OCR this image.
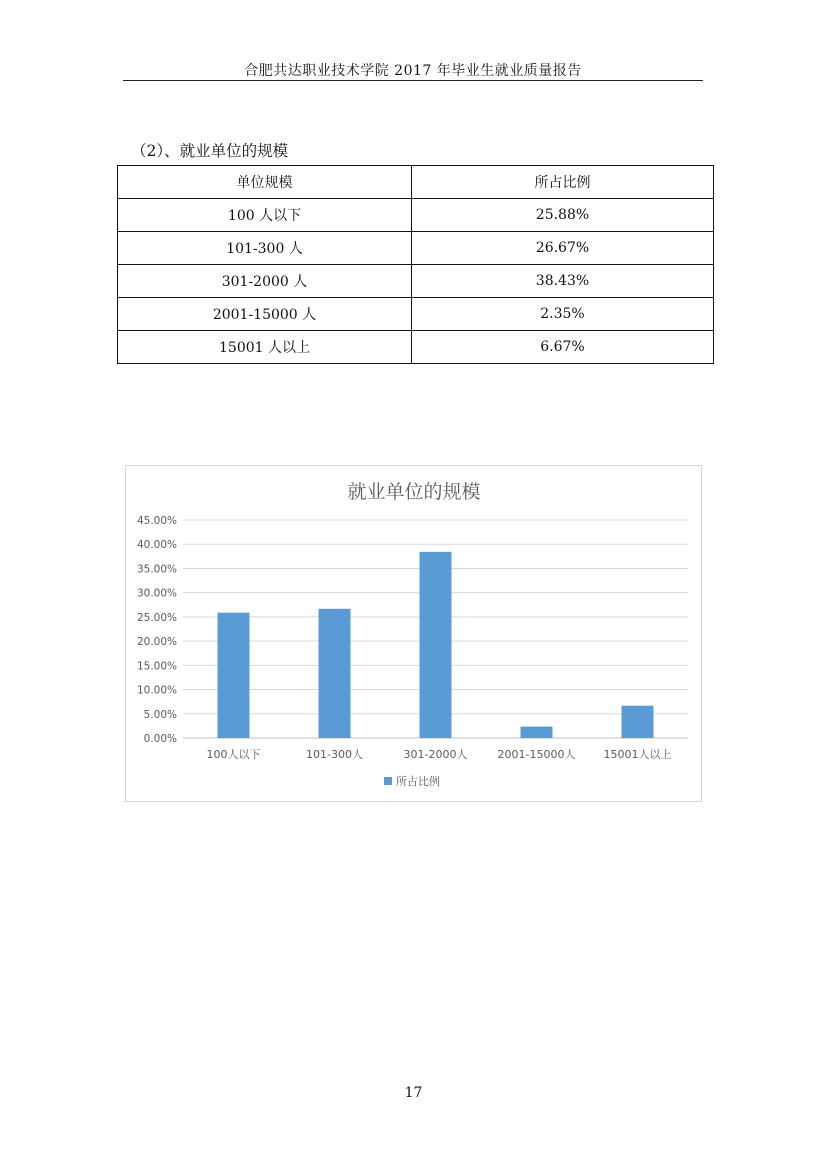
合肥共达职业技术学院 2017 年毕业生就业质量报告
（2）、就业单位的规模
单位规模	所占比例
100 人以下	25.88%
101-300 人	26.67%
301-2000 人	38.43%
2001-15000 人	2.35%
15001 人以上	6.67%
就业单位的规模
0.00%
5.00%
10.00%
15.00%
20.00%
25.00%
30.00%
35.00%
40.00%
45.00%
100人以下	101-300人	301-2000人	2001-15000人	15001人以上
所占比例
17
